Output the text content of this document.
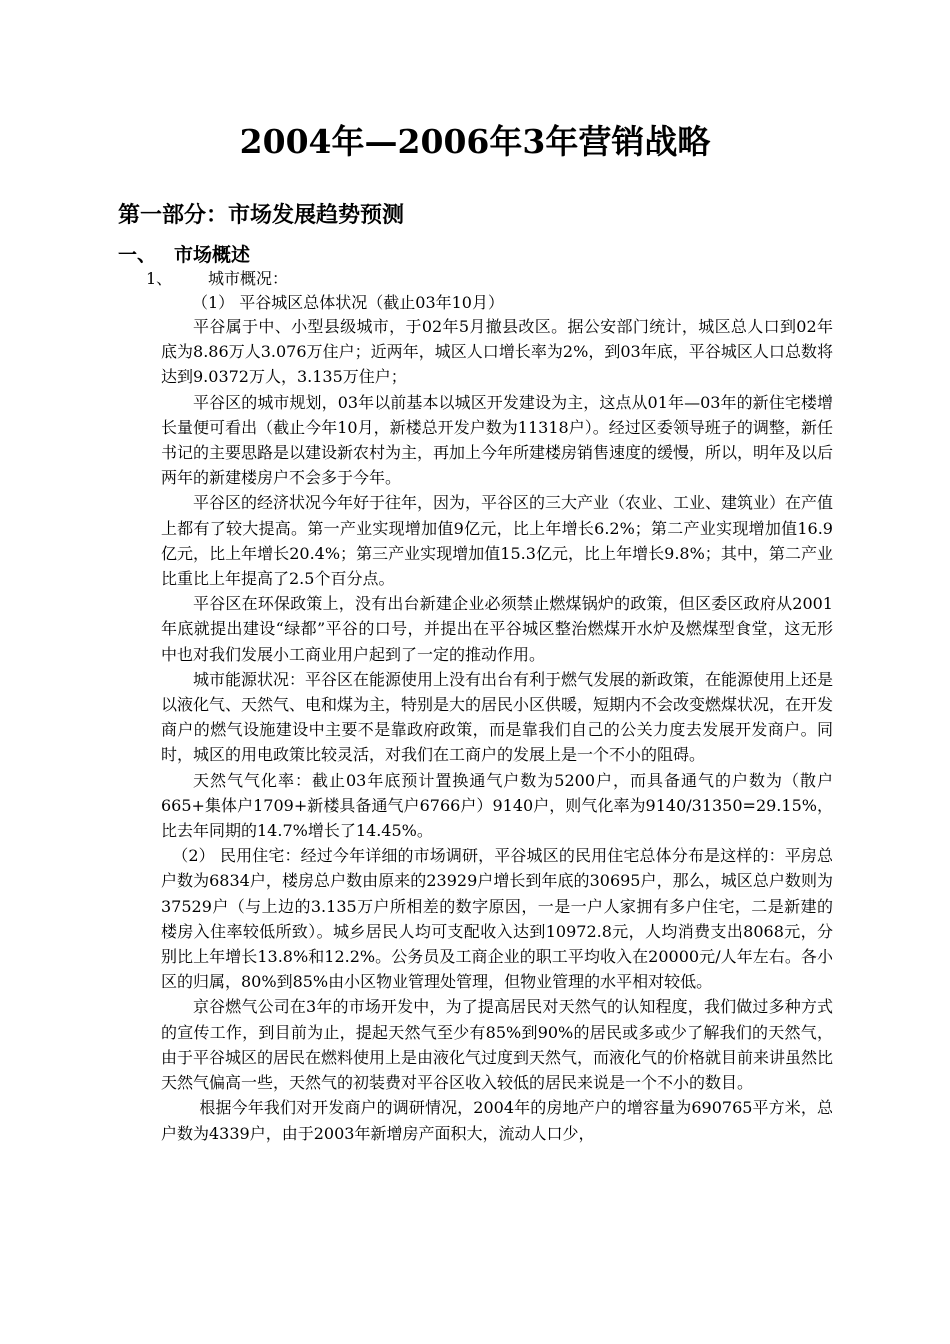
2004年—2006年3年营销战略
第一部分：市场发展趋势预测
一、 市场概述
1、 城市概况：
（1） 平谷城区总体状况（截止03年10月）

平谷属于中、小型县级城市，于02年5月撤县改区。据公安部门统计，城区总人口到02年底为8.86万人3.076万住户；近两年，城区人口增长率为2%，到03年底，平谷城区人口总数将达到9.0372万人，3.135万住户；

平谷区的城市规划，03年以前基本以城区开发建设为主，这点从01年—03年的新住宅楼增长量便可看出（截止今年10月，新楼总开发户数为11318户）。经过区委领导班子的调整，新任书记的主要思路是以建设新农村为主，再加上今年所建楼房销售速度的缓慢，所以，明年及以后两年的新建楼房户不会多于今年。

平谷区的经济状况今年好于往年，因为，平谷区的三大产业（农业、工业、建筑业）在产值上都有了较大提高。第一产业实现增加值9亿元，比上年增长6.2%；第二产业实现增加值16.9亿元，比上年增长20.4%；第三产业实现增加值15.3亿元，比上年增长9.8%；其中，第二产业比重比上年提高了2.5个百分点。

平谷区在环保政策上，没有出台新建企业必须禁止燃煤锅炉的政策，但区委区政府从2001年底就提出建设“绿都”平谷的口号，并提出在平谷城区整治燃煤开水炉及燃煤型食堂，这无形中也对我们发展小工商业用户起到了一定的推动作用。

城市能源状况：平谷区在能源使用上没有出台有利于燃气发展的新政策，在能源使用上还是以液化气、天然气、电和煤为主，特别是大的居民小区供暖，短期内不会改变燃煤状况，在开发商户的燃气设施建设中主要不是靠政府政策，而是靠我们自己的公关力度去发展开发商户。同时，城区的用电政策比较灵活，对我们在工商户的发展上是一个不小的阻碍。

天然气气化率：截止03年底预计置换通气户数为5200户，而具备通气的户数为（散户665+集体户1709+新楼具备通气户6766户）9140户，则气化率为9140/31350=29.15%，比去年同期的14.7%增长了14.45%。

（2） 民用住宅：经过今年详细的市场调研，平谷城区的民用住宅总体分布是这样的：平房总户数为6834户，楼房总户数由原来的23929户增长到年底的30695户，那么，城区总户数则为37529户（与上边的3.135万户所相差的数字原因，一是一户人家拥有多户住宅，二是新建的楼房入住率较低所致）。城乡居民人均可支配收入达到10972.8元，人均消费支出8068元，分别比上年增长13.8%和12.2%。公务员及工商企业的职工平均收入在20000元/人年左右。各小区的归属，80%到85%由小区物业管理处管理，但物业管理的水平相对较低。

京谷燃气公司在3年的市场开发中，为了提高居民对天然气的认知程度，我们做过多种方式的宣传工作，到目前为止，提起天然气至少有85%到90%的居民或多或少了解我们的天然气，由于平谷城区的居民在燃料使用上是由液化气过度到天然气，而液化气的价格就目前来讲虽然比天然气偏高一些，天然气的初装费对平谷区收入较低的居民来说是一个不小的数目。

根据今年我们对开发商户的调研情况，2004年的房地产户的增容量为690765平方米，总户数为4339户，由于2003年新增房产面积大，流动人口少，
